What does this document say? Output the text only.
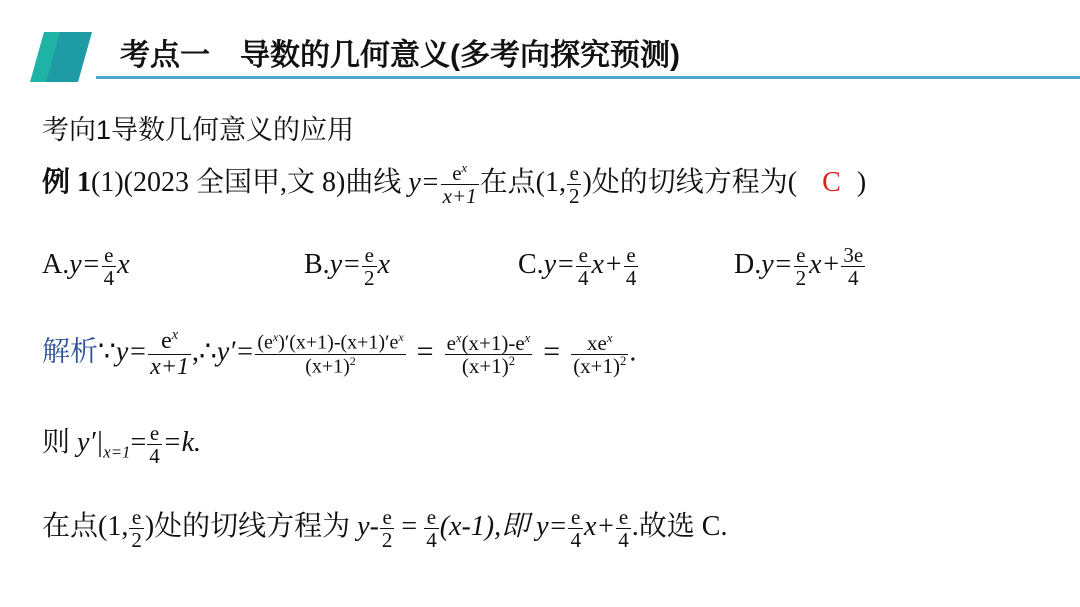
考点一　导数的几何意义(多考向探究预测)
考向1导数几何意义的应用
例 1(1)(2023 全国甲,文 8)曲线 $y= \frac{e^x}{x+1}$ 在点(1, $\frac{e}{2}$ )处的切线方程为( C )
$A.y= \frac{e}{4}$ x	$B.y= \frac{e}{2}$ x	$C.y= \frac{e}{4} x+ \frac{e}{4}$	$D.y= \frac{e}{2} x+ \frac{3e}{4}$
解析∵y= $\frac{e^x}{x+1}$ ,∴y′= $\frac{(e^x)'(x+1)-(x+1)'e^x}{(x+1)^2} = \frac{e^x(x+1)-e^x}{(x+1)^2} = \frac{xe^x}{(x+1)^2}$ .
则 $y'|_{x=1}= \frac{e}{4} =k$.
在点(1, $\frac{e}{2}$ )处的切线方程为 $y- \frac{e}{2} = \frac{e}{4} (x-1)$,即 $y= \frac{e}{4} x+ \frac{e}{4}$ .故选 C.
